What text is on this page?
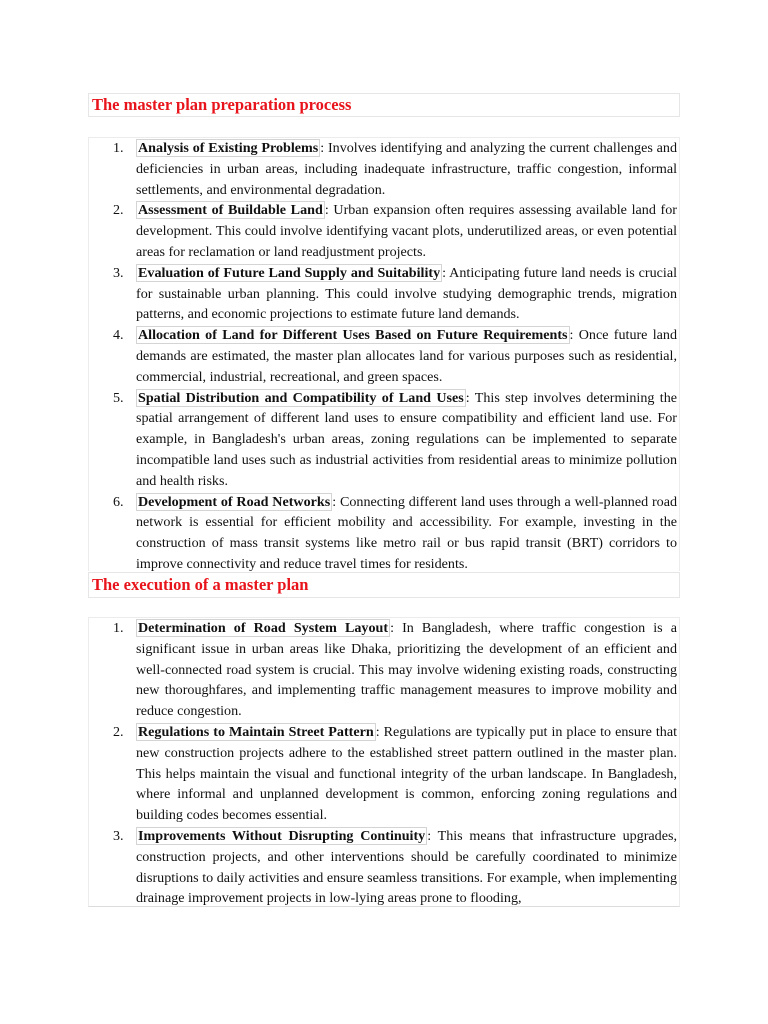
The master plan preparation process
1.	Analysis of Existing Problems : Involves identifying and analyzing the current challenges and deficiencies in urban areas, including inadequate infrastructure, traffic congestion, informal settlements, and environmental degradation.
2.	Assessment of Buildable Land : Urban expansion often requires assessing available land for development. This could involve identifying vacant plots, underutilized areas, or even potential areas for reclamation or land readjustment projects.
3.	Evaluation of Future Land Supply and Suitability : Anticipating future land needs is crucial for sustainable urban planning. This could involve studying demographic trends, migration patterns, and economic projections to estimate future land demands.
4.	Allocation of Land for Different Uses Based on Future Requirements : Once future land demands are estimated, the master plan allocates land for various purposes such as residential, commercial, industrial, recreational, and green spaces.
5.	Spatial Distribution and Compatibility of Land Uses : This step involves determining the spatial arrangement of different land uses to ensure compatibility and efficient land use. For example, in Bangladesh's urban areas, zoning regulations can be implemented to separate incompatible land uses such as industrial activities from residential areas to minimize pollution and health risks.
6.	Development of Road Networks : Connecting different land uses through a well-planned road network is essential for efficient mobility and accessibility. For example, investing in the construction of mass transit systems like metro rail or bus rapid transit (BRT) corridors to improve connectivity and reduce travel times for residents.
The execution of a master plan
1.	Determination of Road System Layout : In Bangladesh, where traffic congestion is a significant issue in urban areas like Dhaka, prioritizing the development of an efficient and well-connected road system is crucial. This may involve widening existing roads, constructing new thoroughfares, and implementing traffic management measures to improve mobility and reduce congestion.
2.	Regulations to Maintain Street Pattern : Regulations are typically put in place to ensure that new construction projects adhere to the established street pattern outlined in the master plan. This helps maintain the visual and functional integrity of the urban landscape. In Bangladesh, where informal and unplanned development is common, enforcing zoning regulations and building codes becomes essential.
3.	Improvements Without Disrupting Continuity : This means that infrastructure upgrades, construction projects, and other interventions should be carefully coordinated to minimize disruptions to daily activities and ensure seamless transitions. For example, when implementing drainage improvement projects in low-lying areas prone to flooding,
